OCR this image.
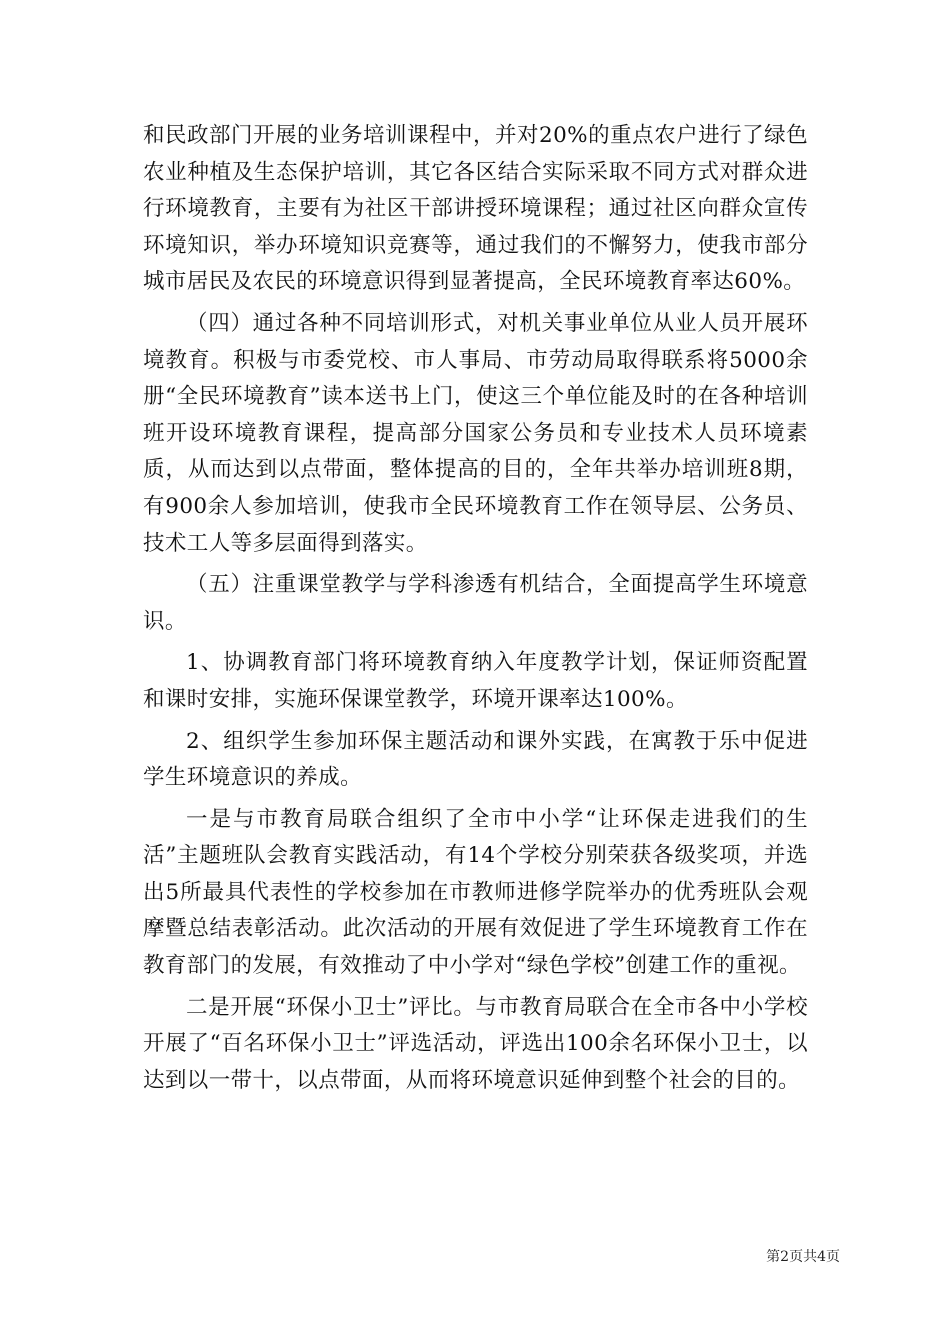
和民政部门开展的业务培训课程中，并对20%的重点农户进行了绿色农业种植及生态保护培训，其它各区结合实际采取不同方式对群众进行环境教育，主要有为社区干部讲授环境课程；通过社区向群众宣传环境知识，举办环境知识竞赛等，通过我们的不懈努力，使我市部分城市居民及农民的环境意识得到显著提高，全民环境教育率达60%。

（四）通过各种不同培训形式，对机关事业单位从业人员开展环境教育。积极与市委党校、市人事局、市劳动局取得联系将5000余册“全民环境教育”读本送书上门，使这三个单位能及时的在各种培训班开设环境教育课程，提高部分国家公务员和专业技术人员环境素质，从而达到以点带面，整体提高的目的，全年共举办培训班8期，有900余人参加培训，使我市全民环境教育工作在领导层、公务员、技术工人等多层面得到落实。

（五）注重课堂教学与学科渗透有机结合，全面提高学生环境意识。

1、协调教育部门将环境教育纳入年度教学计划，保证师资配置和课时安排，实施环保课堂教学，环境开课率达100%。

2、组织学生参加环保主题活动和课外实践，在寓教于乐中促进学生环境意识的养成。

一是与市教育局联合组织了全市中小学“让环保走进我们的生活”主题班队会教育实践活动，有14个学校分别荣获各级奖项，并选出5所最具代表性的学校参加在市教师进修学院举办的优秀班队会观摩暨总结表彰活动。此次活动的开展有效促进了学生环境教育工作在教育部门的发展，有效推动了中小学对“绿色学校”创建工作的重视。

二是开展“环保小卫士”评比。与市教育局联合在全市各中小学校开展了“百名环保小卫士”评选活动，评选出100余名环保小卫士，以达到以一带十，以点带面，从而将环境意识延伸到整个社会的目的。

第2页共4页
